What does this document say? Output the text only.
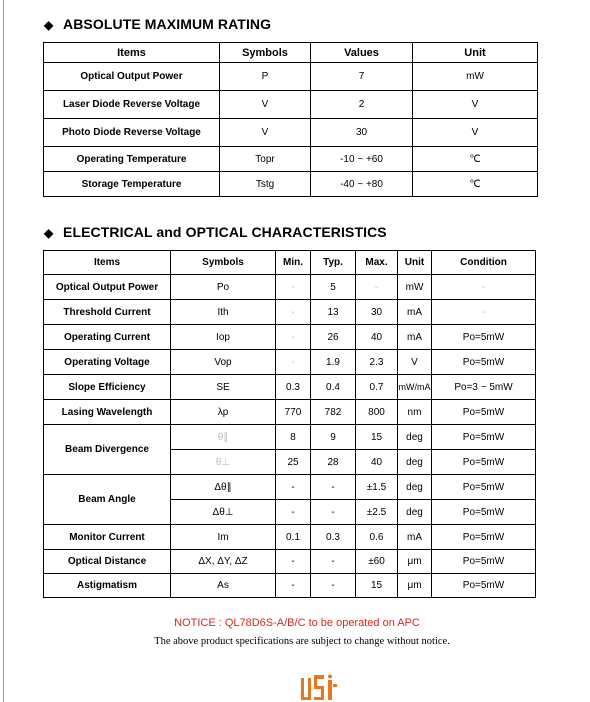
◆ ABSOLUTE MAXIMUM RATING
Items	Symbols	Values	Unit
Optical Output Power	P	7	mW
Laser Diode Reverse Voltage	V	2	V
Photo Diode Reverse Voltage	V	30	V
Operating Temperature	Topr	-10 ~ +60	℃
Storage Temperature	Tstg	-40 ~ +80	℃
◆ ELECTRICAL and OPTICAL CHARACTERISTICS
Items	Symbols	Min.	Typ.	Max.	Unit	Condition
Optical Output Power	Po	-	5	-	mW	-
Threshold Current	Ith	-	13	30	mA	-
Operating Current	Iop	-	26	40	mA	Po=5mW
Operating Voltage	Vop	-	1.9	2.3	V	Po=5mW
Slope Efficiency	SE	0.3	0.4	0.7	mW/mA	Po=3 ~ 5mW
Lasing Wavelength	λp	770	782	800	nm	Po=5mW
Beam Divergence	θ∥	8	9	15	deg	Po=5mW
	θ⊥	25	28	40	deg	Po=5mW
Beam Angle	Δθ∥	-	-	±1.5	deg	Po=5mW
	Δθ⊥	-	-	±2.5	deg	Po=5mW
Monitor Current	Im	0.1	0.3	0.6	mA	Po=5mW
Optical Distance	ΔX, ΔY, ΔZ	-	-	±60	μm	Po=5mW
Astigmatism	As	-	-	15	μm	Po=5mW
NOTICE : QL78D6S-A/B/C to be operated on APC
The above product specifications are subject to change without notice.
